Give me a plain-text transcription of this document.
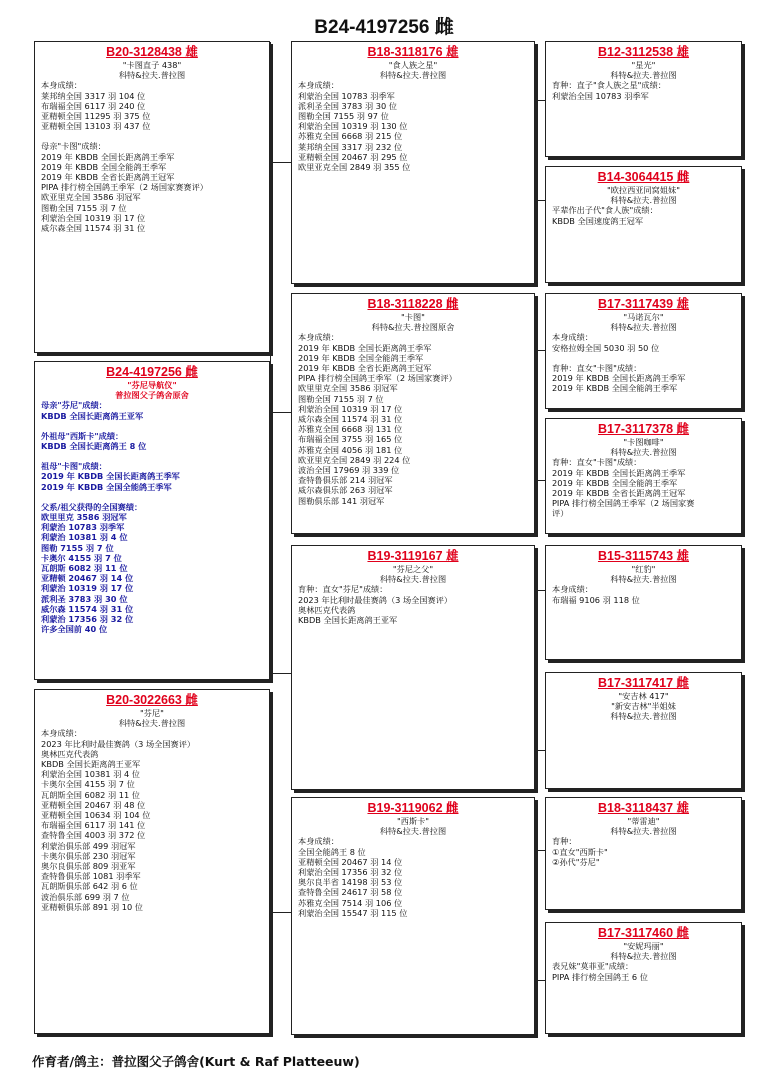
B24-4197256 雌
B20-3128438 雄
"卡图直子 438"
科特&拉夫.普拉图
本身成绩：
莱邦纳全国 3317 羽 104 位
布瑞福全国 6117 羽 240 位
亚精顿全国 11295 羽 375 位
亚精顿全国 13103 羽 437 位
母亲"卡图"成绩：
2019 年 KBDB 全国长距离鸽王季军
2019 年 KBDB 全国全能鸽王季军
2019 年 KBDB 全省长距离鸽王冠军
PIPA 排行榜全国鸽王季军（2 场国家赛赛评）
欧亚里克全国 3586 羽冠军
图勒全国 7155 羽 7 位
利蒙治全国 10319 羽 17 位
威尔森全国 11574 羽 31 位
B24-4197256 雌
"芬尼导航仪"
普拉图父子鸽舍原舍
母亲"芬尼"成绩：
KBDB 全国长距离鸽王亚军
外祖母"西斯卡"成绩：
KBDB 全国长距离鸽王 8 位
祖母"卡图"成绩：
2019 年 KBDB 全国长距离鸽王季军
2019 年 KBDB 全国全能鸽王季军
父系/祖父获得的全国赛绩：
欧里里克 3586 羽冠军
利蒙治 10783 羽季军
利蒙治 10381 羽 4 位
图勒 7155 羽 7 位
卡奥尔 4155 羽 7 位
瓦朗斯 6082 羽 11 位
亚精顿 20467 羽 14 位
利蒙治 10319 羽 17 位
派利圣 3783 羽 30 位
威尔森 11574 羽 31 位
利蒙治 17356 羽 32 位
许多全国前 40 位
B20-3022663 雌
"芬尼"
科特&拉夫.普拉图
本身成绩：
2023 年比利时最佳赛鸽（3 场全国赛评）
奥林匹克代表鸽
KBDB 全国长距离鸽王亚军
利蒙治全国 10381 羽 4 位
卡奥尔全国 4155 羽 7 位
瓦朗斯全国 6082 羽 11 位
亚精顿全国 20467 羽 48 位
亚精顿全国 10634 羽 104 位
布瑞福全国 6117 羽 141 位
查特鲁全国 4003 羽 372 位
利蒙治俱乐部 499 羽冠军
卡奥尔俱乐部 230 羽冠军
奥尔良俱乐部 809 羽亚军
查特鲁俱乐部 1081 羽季军
瓦朗斯俱乐部 642 羽 6 位
波治俱乐部 699 羽 7 位
亚精顿俱乐部 891 羽 10 位
B18-3118176 雄
"食人族之星"
科特&拉夫.普拉图
本身成绩：
利蒙治全国 10783 羽季军
派利圣全国 3783 羽 30 位
图勒全国 7155 羽 97 位
利蒙治全国 10319 羽 130 位
苏雅克全国 6668 羽 215 位
莱邦纳全国 3317 羽 232 位
亚精顿全国 20467 羽 295 位
欧里亚克全国 2849 羽 355 位
B18-3118228 雌
"卡图"
科特&拉夫.普拉图原舍
本身成绩：
2019 年 KBDB 全国长距离鸽王季军
2019 年 KBDB 全国全能鸽王季军
2019 年 KBDB 全省长距离鸽王冠军
PIPA 排行榜全国鸽王季军（2 场国家赛评）
欧里里克全国 3586 羽冠军
图勒全国 7155 羽 7 位
利蒙治全国 10319 羽 17 位
威尔森全国 11574 羽 31 位
苏雅克全国 6668 羽 131 位
布瑞福全国 3755 羽 165 位
苏雅克全国 4056 羽 181 位
欧亚里克全国 2849 羽 224 位
波治全国 17969 羽 339 位
查特鲁俱乐部 214 羽冠军
威尔森俱乐部 263 羽冠军
图勒俱乐部 141 羽冠军
B19-3119167 雄
"芬尼之父"
科特&拉夫.普拉图
育种：直女"芬尼"成绩：
2023 年比利时最佳赛鸽（3 场全国赛评）
奥林匹克代表鸽
KBDB 全国长距离鸽王亚军
B19-3119062 雌
"西斯卡"
科特&拉夫.普拉图
本身成绩：
全国全能鸽王 8 位
亚精顿全国 20467 羽 14 位
利蒙治全国 17356 羽 32 位
奥尔良半省 14198 羽 53 位
查特鲁全国 24617 羽 58 位
苏雅克全国 7514 羽 106 位
利蒙治全国 15547 羽 115 位
B12-3112538 雄
"星光"
科特&拉夫.普拉图
育种：直子"食人族之星"成绩：
利蒙治全国 10783 羽季军
B14-3064415 雌
"欧拉西亚同窝姐妹"
科特&拉夫.普拉图
平辈作出子代"食人族"成绩：
KBDB 全国速度鸽王冠军
B17-3117439 雄
"马诺瓦尔"
科特&拉夫.普拉图
本身成绩：
安格拉姆全国 5030 羽 50 位
育种：直女"卡图"成绩：
2019 年 KBDB 全国长距离鸽王季军
2019 年 KBDB 全国全能鸽王季军
B17-3117378 雌
"卡图咖啡"
科特&拉夫.普拉图
育种：直女"卡图"成绩：
2019 年 KBDB 全国长距离鸽王季军
2019 年 KBDB 全国全能鸽王季军
2019 年 KBDB 全省长距离鸽王冠军
PIPA 排行榜全国鸽王季军（2 场国家赛
评）
B15-3115743 雄
"红豹"
科特&拉夫.普拉图
本身成绩：
布瑞福 9106 羽 118 位
B17-3117417 雌
"安吉林 417"
"新安吉林"半姐妹
科特&拉夫.普拉图
B18-3118437 雄
"蒂雷迪"
科特&拉夫.普拉图
育种：
①直女"西斯卡"
②孙代"芬尼"
B17-3117460 雌
"安妮玛丽"
科特&拉夫.普拉图
表兄妹"莫菲亚"成绩：
PIPA 排行榜全国鸽王 6 位
作育者/鸽主：普拉图父子鸽舍(Kurt & Raf Platteeuw)
